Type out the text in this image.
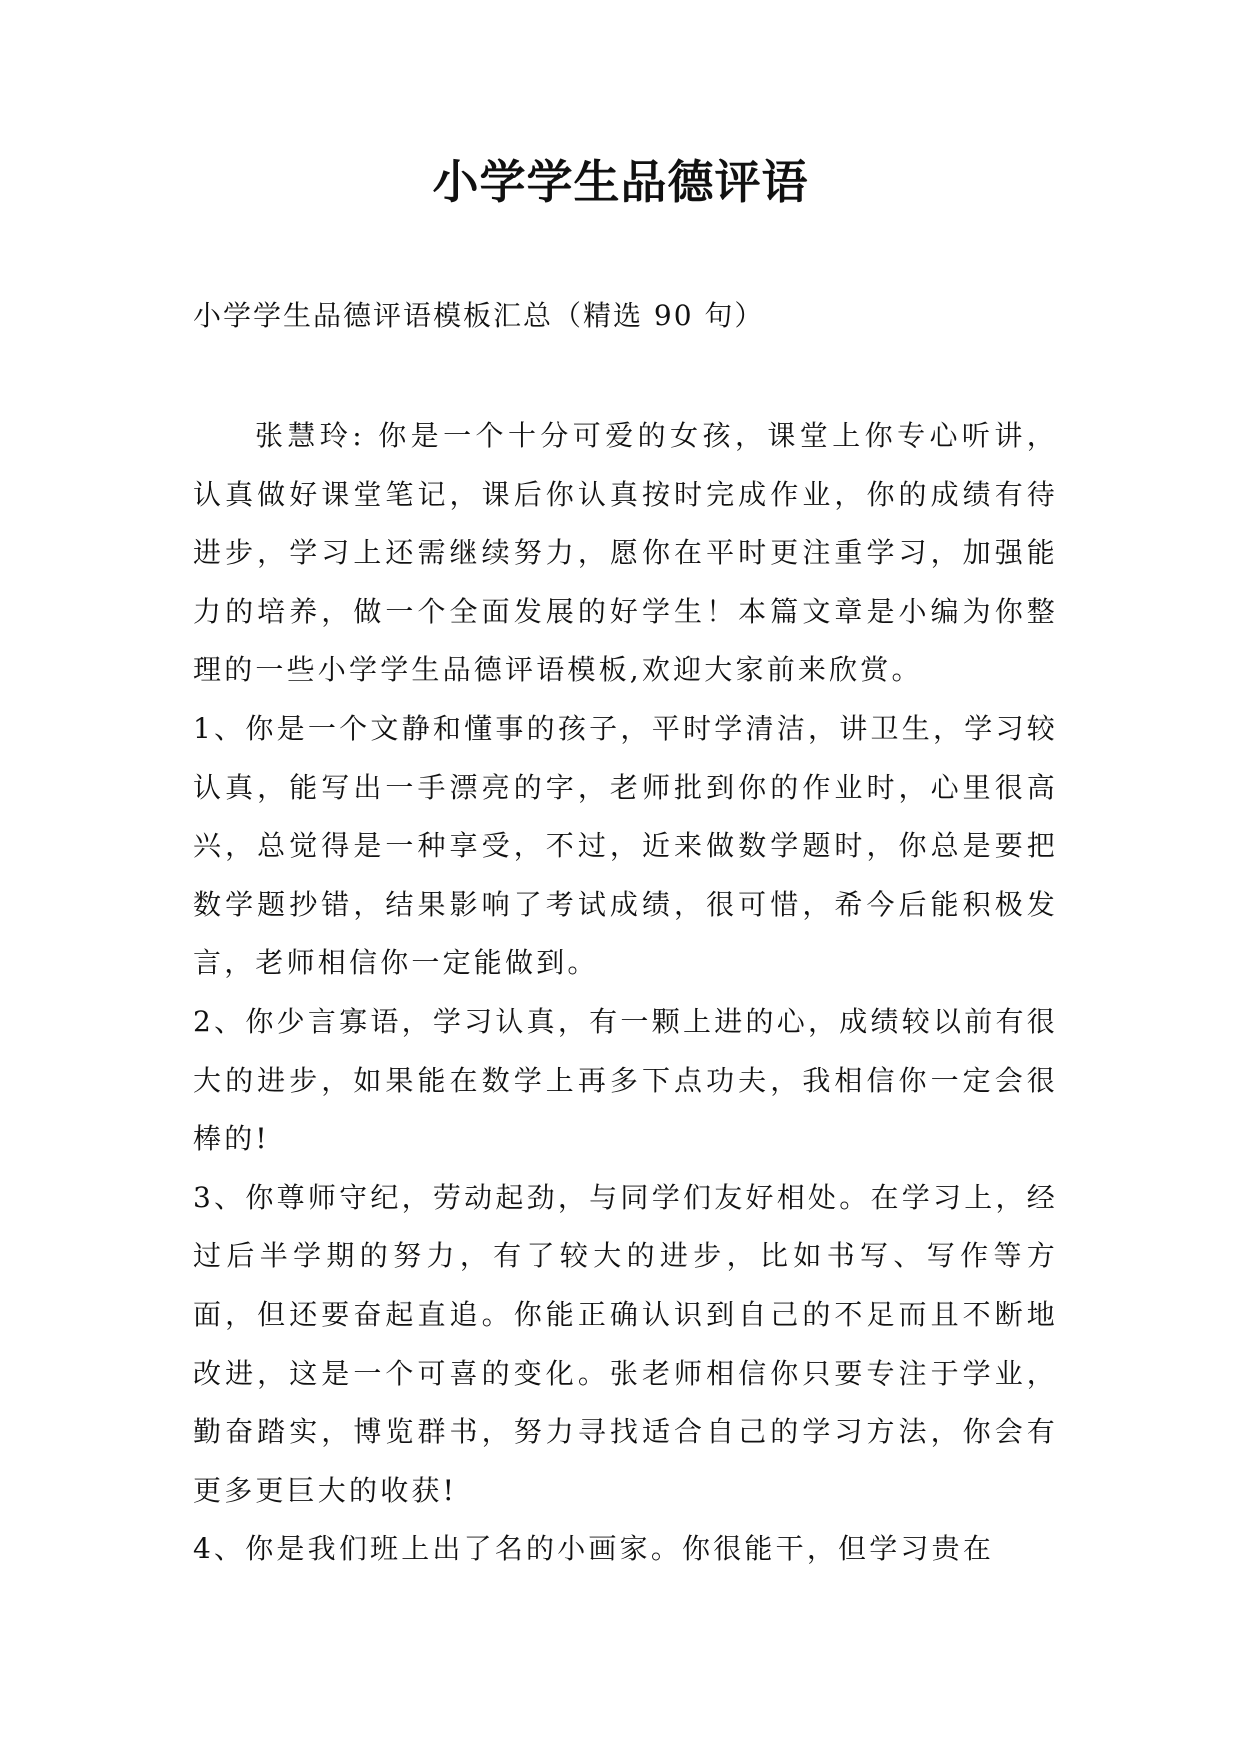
小学学生品德评语
小学学生品德评语模板汇总（精选 90 句）

张慧玲: 你是一个十分可爱的女孩，课堂上你专心听讲，认真做好课堂笔记，课后你认真按时完成作业，你的成绩有待进步，学习上还需继续努力，愿你在平时更注重学习，加强能力的培养，做一个全面发展的好学生！本篇文章是小编为你整理的一些小学学生品德评语模板,欢迎大家前来欣赏。

1、你是一个文静和懂事的孩子，平时学清洁，讲卫生，学习较认真，能写出一手漂亮的字，老师批到你的作业时，心里很高兴，总觉得是一种享受，不过，近来做数学题时，你总是要把数学题抄错，结果影响了考试成绩，很可惜，希今后能积极发言，老师相信你一定能做到。

2、你少言寡语，学习认真，有一颗上进的心，成绩较以前有很大的进步，如果能在数学上再多下点功夫，我相信你一定会很棒的!

3、你尊师守纪，劳动起劲，与同学们友好相处。在学习上，经过后半学期的努力，有了较大的进步，比如书写、写作等方面，但还要奋起直追。你能正确认识到自己的不足而且不断地改进，这是一个可喜的变化。张老师相信你只要专注于学业，勤奋踏实，博览群书，努力寻找适合自己的学习方法，你会有更多更巨大的收获!

4、你是我们班上出了名的小画家。你很能干，但学习贵在
